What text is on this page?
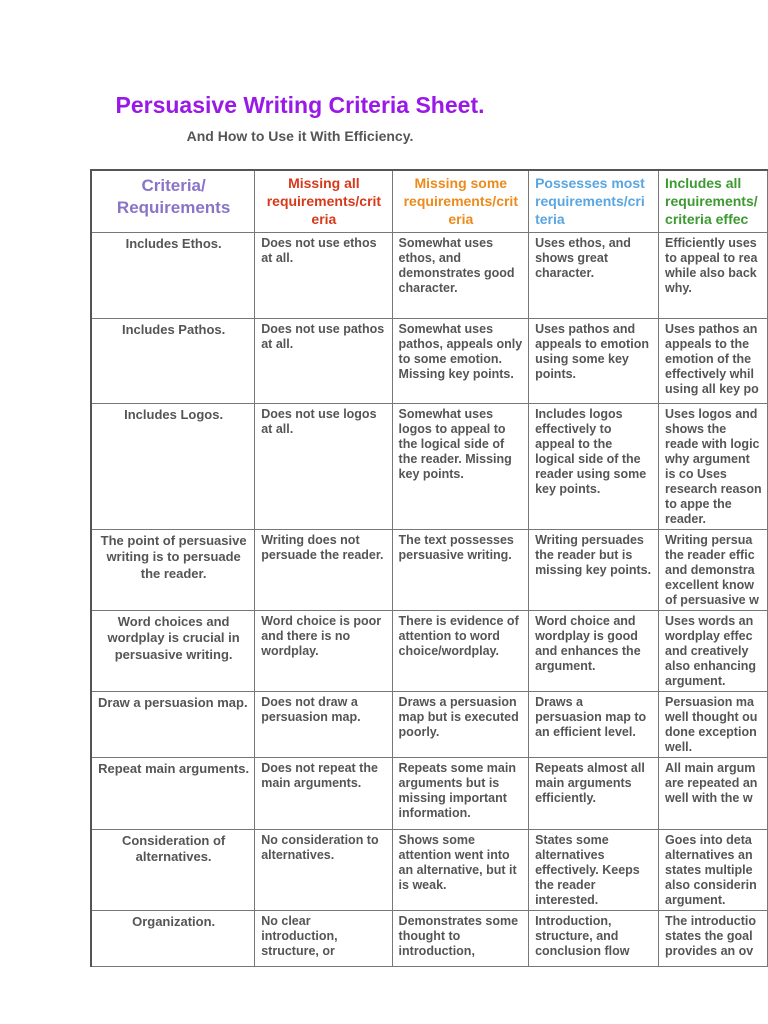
Persuasive Writing Criteria Sheet.
And How to Use it With Efficiency.
Criteria/ Requirements	Missing all requirements/crit eria	Missing some requirements/crit eria	Possesses most requirements/cri teria	Includes all requirements/ criteria effec
Includes Ethos.	Does not use ethos at all.	Somewhat uses ethos, and demonstrates good character.	Uses ethos, and shows great character.	Efficiently uses to appeal to rea while also back why.
Includes Pathos.	Does not use pathos at all.	Somewhat uses pathos, appeals only to some emotion. Missing key points.	Uses pathos and appeals to emotion using some key points.	Uses pathos an appeals to the emotion of the effectively whil using all key po
Includes Logos.	Does not use logos at all.	Somewhat uses logos to appeal to the logical side of the reader. Missing key points.	Includes logos effectively to appeal to the logical side of the reader using some key points.	Uses logos and shows the reade with logic why argument is co Uses research reason to appe the reader.
The point of persuasive writing is to persuade the reader.	Writing does not persuade the reader.	The text possesses persuasive writing.	Writing persuades the reader but is missing key points.	Writing persua the reader effic and demonstra excellent know of persuasive w
Word choices and wordplay is crucial in persuasive writing.	Word choice is poor and there is no wordplay.	There is evidence of attention to word choice/wordplay.	Word choice and wordplay is good and enhances the argument.	Uses words an wordplay effec and creatively also enhancing argument.
Draw a persuasion map.	Does not draw a persuasion map.	Draws a persuasion map but is executed poorly.	Draws a persuasion map to an efficient level.	Persuasion ma well thought ou done exception well.
Repeat main arguments.	Does not repeat the main arguments.	Repeats some main arguments but is missing important information.	Repeats almost all main arguments efficiently.	All main argum are repeated an well with the w
Consideration of alternatives.	No consideration to alternatives.	Shows some attention went into an alternative, but it is weak.	States some alternatives effectively. Keeps the reader interested.	Goes into deta alternatives an states multiple also considerin argument.
Organization.	No clear introduction, structure, or	Demonstrates some thought to introduction,	Introduction, structure, and conclusion flow	The introductio states the goal provides an ov
